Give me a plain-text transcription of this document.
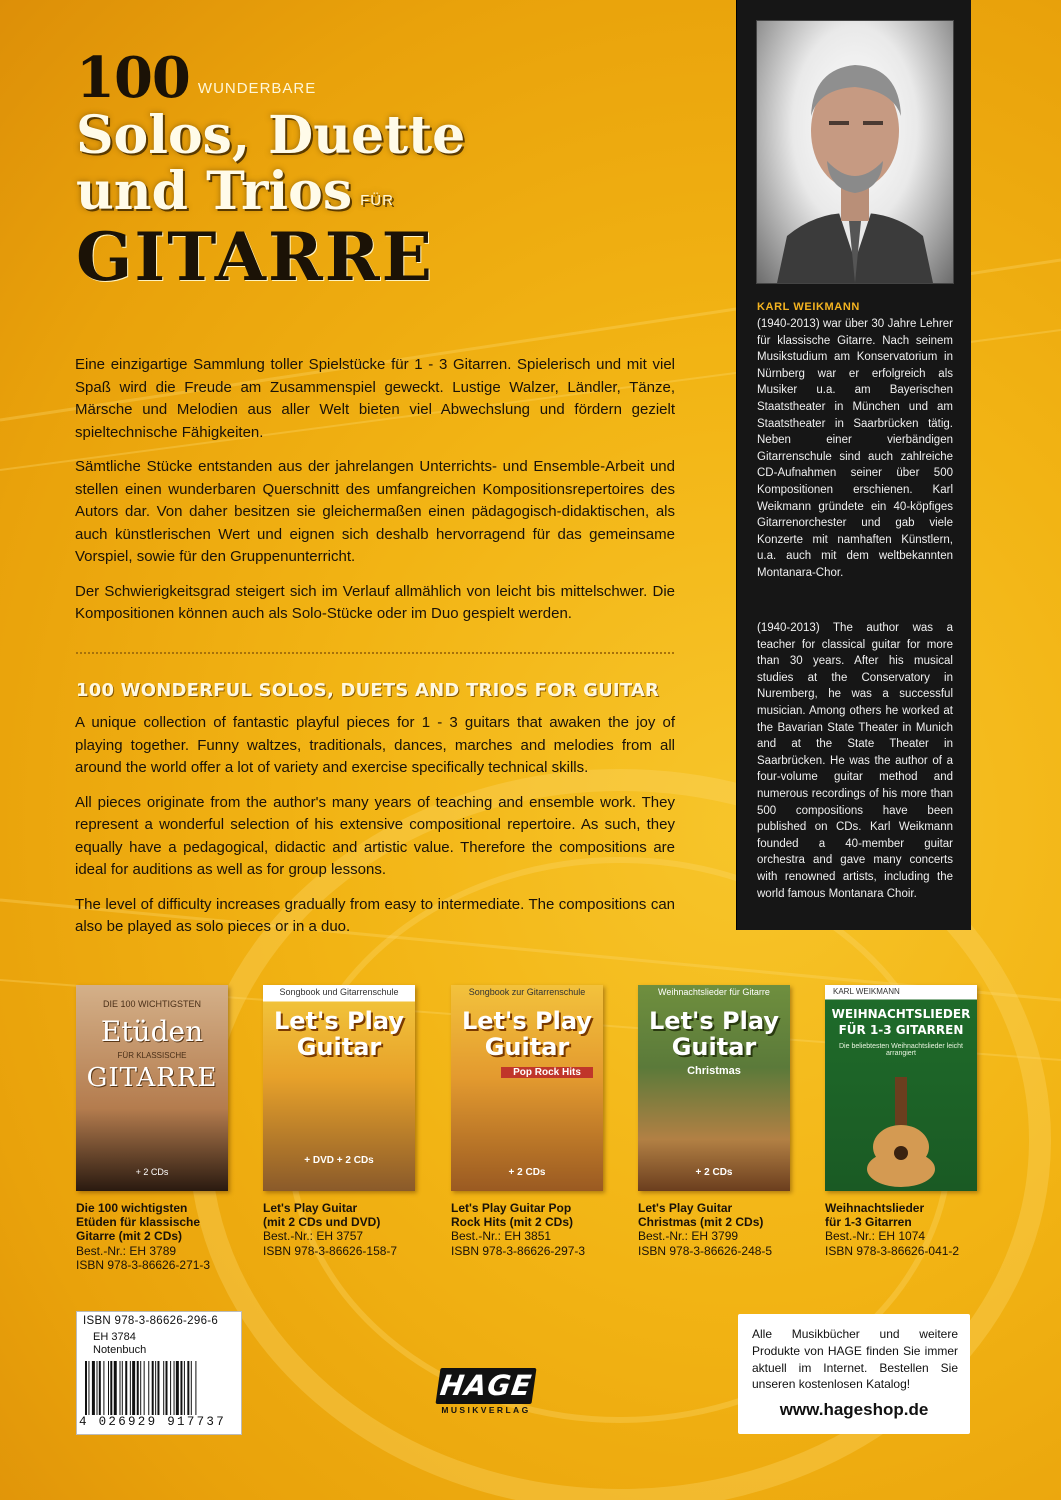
100 WUNDERBARE
Solos, Duette
und Trios FÜR
GITARRE

Eine einzigartige Sammlung toller Spielstücke für 1 - 3 Gitarren. Spielerisch und mit viel Spaß wird die Freude am Zusammenspiel geweckt. Lustige Walzer, Ländler, Tänze, Märsche und Melodien aus aller Welt bieten viel Abwechslung und fördern gezielt spieltechnische Fähigkeiten.

Sämtliche Stücke entstanden aus der jahrelangen Unterrichts- und Ensemble-Arbeit und stellen einen wunderbaren Querschnitt des umfangreichen Kompositionsrepertoires des Autors dar. Von daher besitzen sie gleichermaßen einen pädagogisch-didaktischen, als auch künstlerischen Wert und eignen sich deshalb hervorragend für das gemeinsame Vorspiel, sowie für den Gruppenunterricht.

Der Schwierigkeitsgrad steigert sich im Verlauf allmählich von leicht bis mittelschwer. Die Kompositionen können auch als Solo-Stücke oder im Duo gespielt werden.

100 WONDERFUL SOLOS, DUETS AND TRIOS FOR GUITAR

A unique collection of fantastic playful pieces for 1 - 3 guitars that awaken the joy of playing together. Funny waltzes, traditionals, dances, marches and melodies from all around the world offer a lot of variety and exercise specifically technical skills.

All pieces originate from the author's many years of teaching and ensemble work. They represent a wonderful selection of his extensive compositional repertoire. As such, they equally have a pedagogical, didactic and artistic value. Therefore the compositions are ideal for auditions as well as for group lessons.

The level of difficulty increases gradually from easy to intermediate. The compositions can also be played as solo pieces or in a duo.

KARL WEIKMANN
(1940-2013) war über 30 Jahre Lehrer für klassische Gitarre. Nach seinem Musikstudium am Konservatorium in Nürnberg war er erfolgreich als Musiker u.a. am Bayerischen Staatstheater in München und am Staatstheater in Saarbrücken tätig. Neben einer vierbändigen Gitarrenschule sind auch zahlreiche CD-Aufnahmen seiner über 500 Kompositionen erschienen. Karl Weikmann gründete ein 40-köpfiges Gitarrenorchester und gab viele Konzerte mit namhaften Künstlern, u.a. auch mit dem weltbekannten Montanara-Chor.
(1940-2013) The author was a teacher for classical guitar for more than 30 years. After his musical studies at the Conservatory in Nuremberg, he was a successful musician. Among others he worked at the Bavarian State Theater in Munich and at the State Theater in Saarbrücken. He was the author of a four-volume guitar method and numerous recordings of his more than 500 compositions have been published on CDs. Karl Weikmann founded a 40-member guitar orchestra and gave many concerts with renowned artists, including the world famous Montanara Choir.
DIE 100 WICHTIGSTEN
Etüden
FÜR KLASSISCHE
GITARRE
+ 2 CDs
Die 100 wichtigsten
Etüden für klassische
Gitarre (mit 2 CDs)
Best.-Nr.: EH 3789
ISBN 978-3-86626-271-3
Songbook und Gitarrenschule
Let's Play
Guitar
+ DVD + 2 CDs
Let's Play Guitar
(mit 2 CDs und DVD)
Best.-Nr.: EH 3757
ISBN 978-3-86626-158-7
Songbook zur Gitarrenschule
Let's Play
Guitar
Pop Rock Hits
+ 2 CDs
Let's Play Guitar Pop
Rock Hits (mit 2 CDs)
Best.-Nr.: EH 3851
ISBN 978-3-86626-297-3
Weihnachtslieder für Gitarre
Let's Play
Guitar
Christmas
+ 2 CDs
Let's Play Guitar
Christmas (mit 2 CDs)
Best.-Nr.: EH 3799
ISBN 978-3-86626-248-5
KARL WEIKMANN
WEIHNACHTSLIEDER
FÜR 1-3 GITARREN
Die beliebtesten Weihnachtslieder leicht arrangiert
Weihnachtslieder
für 1-3 Gitarren
Best.-Nr.: EH 1074
ISBN 978-3-86626-041-2
ISBN 978-3-86626-296-6
EH 3784
Notenbuch
4 026929 917737
HAGE
MUSIKVERLAG
Alle Musikbücher und weitere Produkte von HAGE finden Sie immer aktuell im Internet. Bestellen Sie unseren kostenlosen Katalog!
www.hageshop.de
